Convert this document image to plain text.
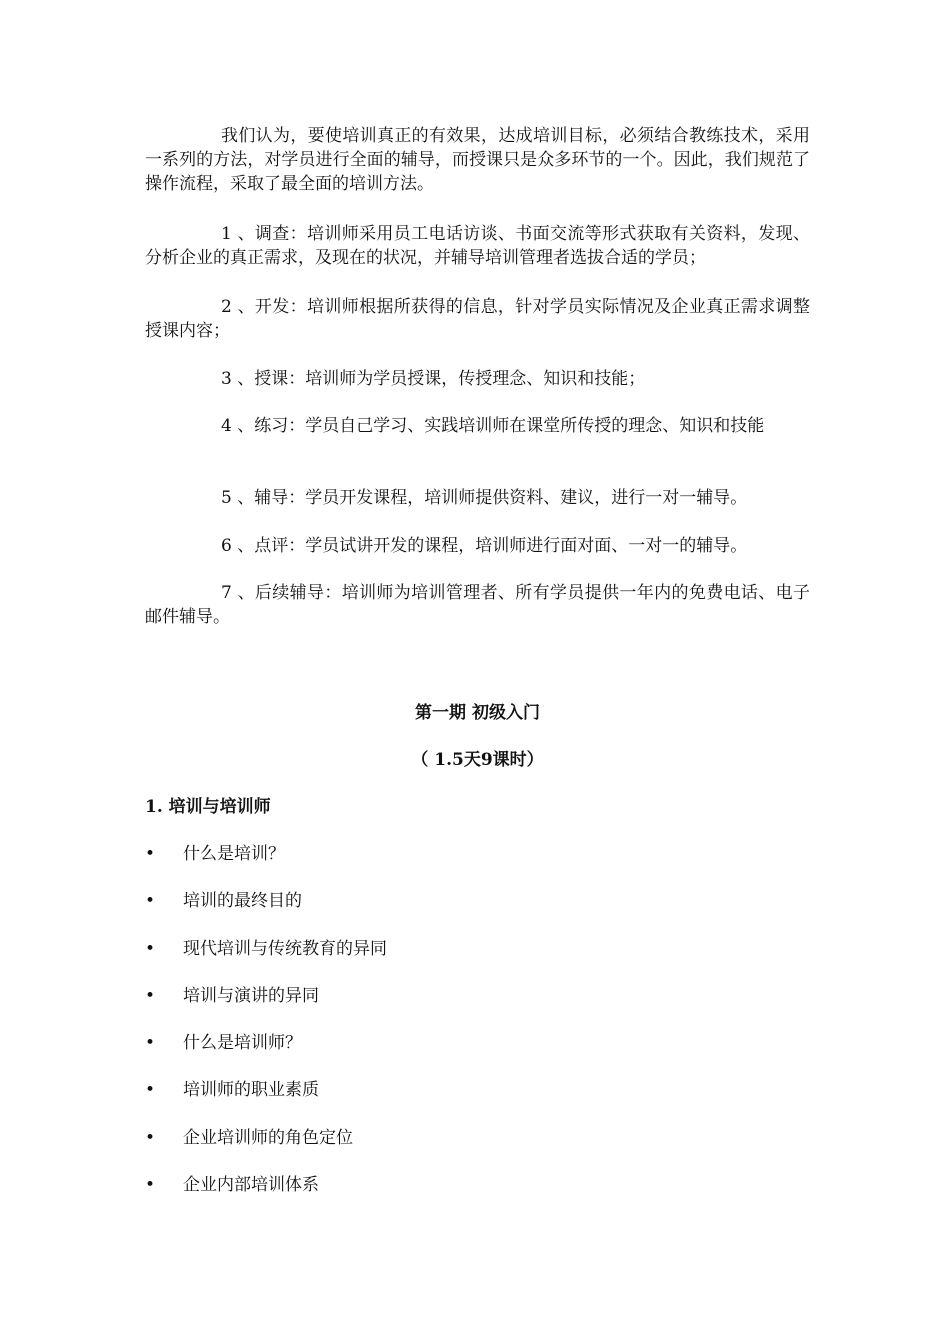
我们认为，要使培训真正的有效果，达成培训目标，必须结合教练技术，采用一系列的方法，对学员进行全面的辅导，而授课只是众多环节的一个。因此，我们规范了操作流程，采取了最全面的培训方法。

1 、调查：培训师采用员工电话访谈、书面交流等形式获取有关资料，发现、分析企业的真正需求，及现在的状况，并辅导培训管理者选拔合适的学员；

2 、开发：培训师根据所获得的信息，针对学员实际情况及企业真正需求调整授课内容；

3 、授课：培训师为学员授课，传授理念、知识和技能；

4 、练习：学员自己学习、实践培训师在课堂所传授的理念、知识和技能

5 、辅导：学员开发课程，培训师提供资料、建议，进行一对一辅导。

6 、点评：学员试讲开发的课程，培训师进行面对面、一对一的辅导。

7 、后续辅导：培训师为培训管理者、所有学员提供一年内的免费电话、电子邮件辅导。

第一期 初级入门

（ 1.5天9课时）

1. 培训与培训师

• 什么是培训？

• 培训的最终目的

• 现代培训与传统教育的异同

• 培训与演讲的异同

• 什么是培训师？

• 培训师的职业素质

• 企业培训师的角色定位

• 企业内部培训体系
